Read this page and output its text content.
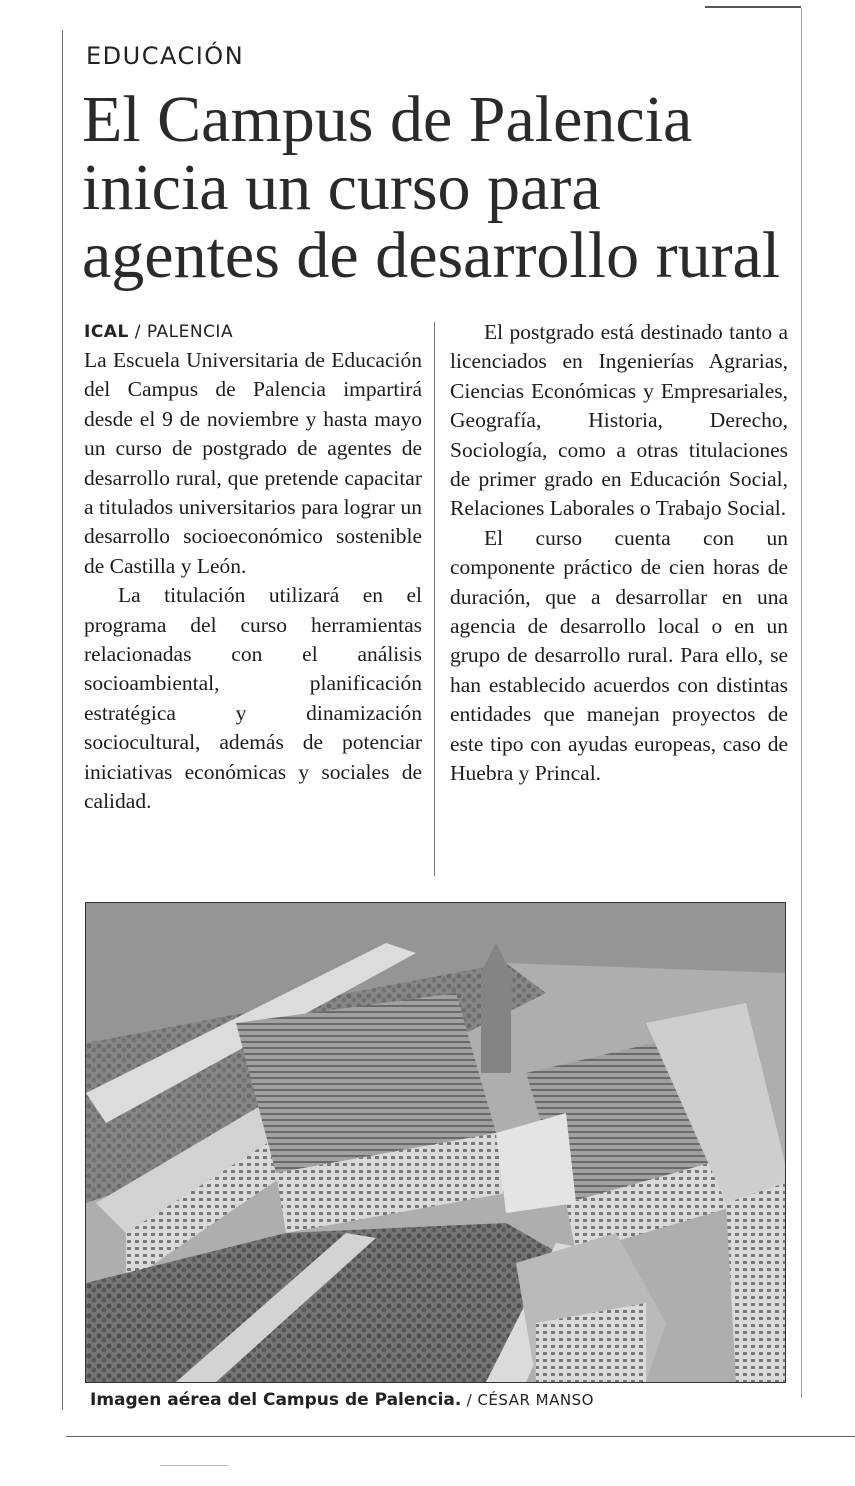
EDUCACIÓN
El Campus de Palencia inicia un curso para agentes de desarrollo rural
ICAL / PALENCIA

La Escuela Universitaria de Educación del Campus de Palencia impartirá desde el 9 de noviembre y hasta mayo un curso de postgrado de agentes de desarrollo rural, que pretende capacitar a titulados universitarios para lograr un desarrollo socioeconómico sostenible de Castilla y León.

La titulación utilizará en el programa del curso herramientas relacionadas con el análisis socioambiental, planificación estratégica y dinamización sociocultural, además de potenciar iniciativas económicas y sociales de calidad.

El postgrado está destinado tanto a licenciados en Ingenierías Agrarias, Ciencias Económicas y Empresariales, Geografía, Historia, Derecho, Sociología, como a otras titulaciones de primer grado en Educación Social, Relaciones Laborales o Trabajo Social.

El curso cuenta con un componente práctico de cien horas de duración, que a desarrollar en una agencia de desarrollo local o en un grupo de desarrollo rural. Para ello, se han establecido acuerdos con distintas entidades que manejan proyectos de este tipo con ayudas europeas, caso de Huebra y Princal.

Imagen aérea del Campus de Palencia. / CÉSAR MANSO
